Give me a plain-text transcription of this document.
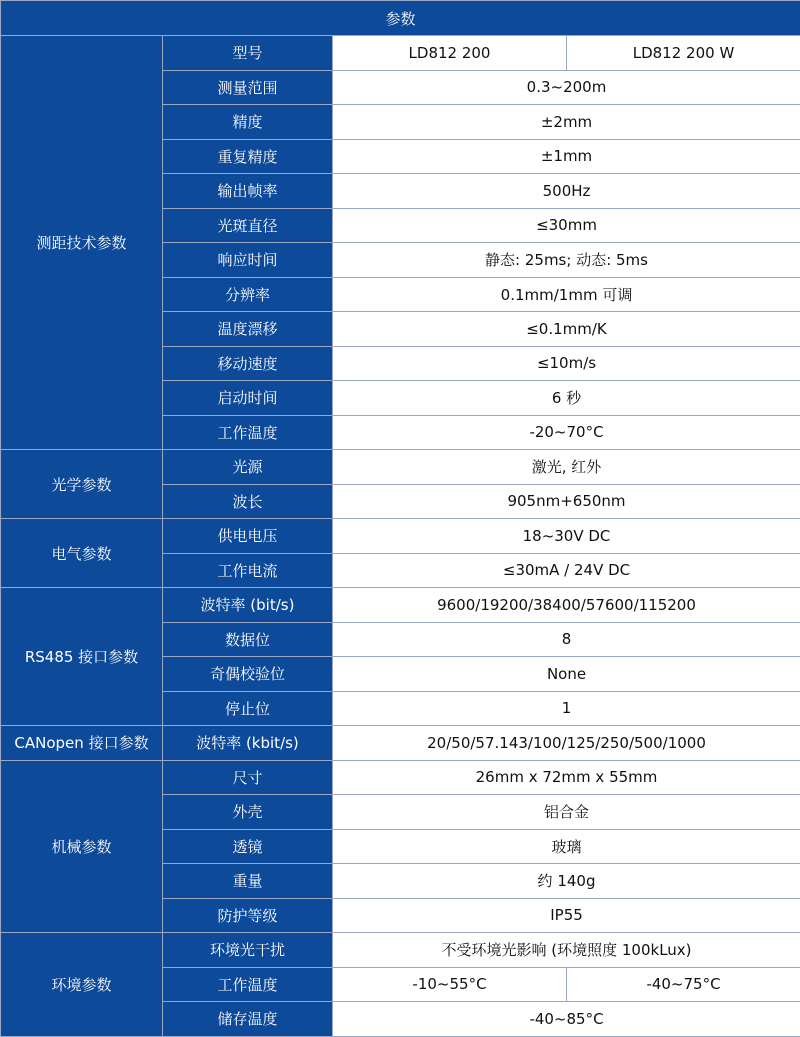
参数			
测距技术参数	型号	LD812 200	LD812 200 W
	测量范围	0.3~200m	
	精度	±2mm	
	重复精度	±1mm	
	输出帧率	500Hz	
	光斑直径	≤30mm	
	响应时间	静态: 25ms; 动态: 5ms	
	分辨率	0.1mm/1mm 可调	
	温度漂移	≤0.1mm/K	
	移动速度	≤10m/s	
	启动时间	6 秒	
	工作温度	-20~70°C	
光学参数	光源	激光, 红外	
	波长	905nm+650nm	
电气参数	供电电压	18~30V DC	
	工作电流	≤30mA / 24V DC	
RS485 接口参数	波特率 (bit/s)	9600/19200/38400/57600/115200	
	数据位	8	
	奇偶校验位	None	
	停止位	1	
CANopen 接口参数	波特率 (kbit/s)	20/50/57.143/100/125/250/500/1000	
机械参数	尺寸	26mm x 72mm x 55mm	
	外壳	铝合金	
	透镜	玻璃	
	重量	约 140g	
	防护等级	IP55	
环境参数	环境光干扰	不受环境光影响 (环境照度 100kLux)	
	工作温度	-10~55°C	-40~75°C
	储存温度	-40~85°C	
